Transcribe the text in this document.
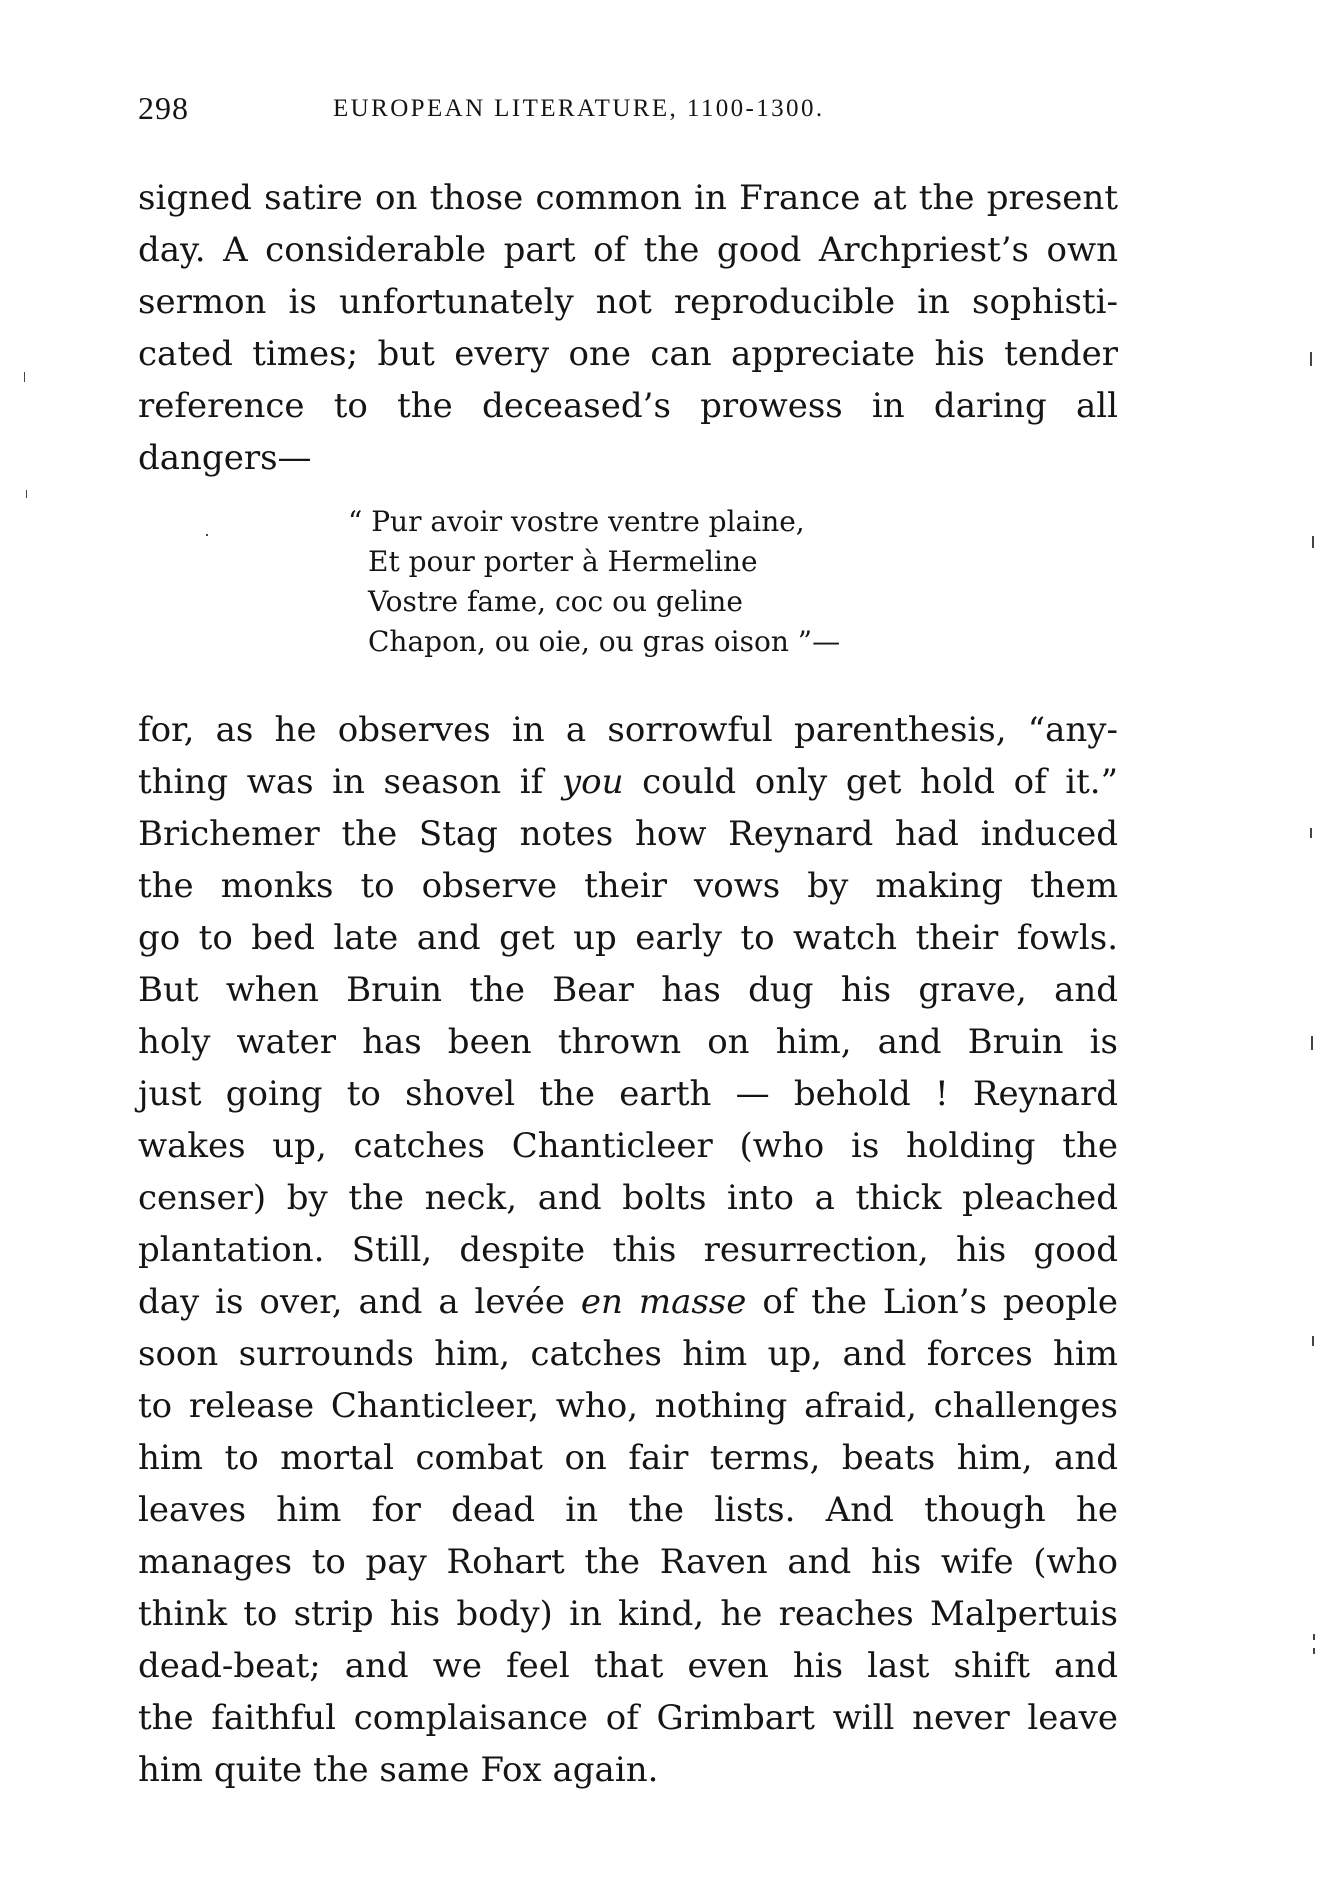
298	EUROPEAN LITERATURE, 1100-1300.
signed satire on those common in France at the present
day. A considerable part of the good Archpriest’s own
sermon is unfortunately not reproducible in sophisti-
cated times; but every one can appreciate his tender
reference to the deceased’s prowess in daring all
dangers—
“ Pur avoir vostre ventre plaine,
Et pour porter à Hermeline
Vostre fame, coc ou geline
Chapon, ou oie, ou gras oison ”—
for, as he observes in a sorrowful parenthesis, “any-
thing was in season if you could only get hold of it.”
Brichemer the Stag notes how Reynard had induced
the monks to observe their vows by making them
go to bed late and get up early to watch their fowls.
But when Bruin the Bear has dug his grave, and
holy water has been thrown on him, and Bruin is
just going to shovel the earth — behold ! Reynard
wakes up, catches Chanticleer (who is holding the
censer) by the neck, and bolts into a thick pleached
plantation. Still, despite this resurrection, his good
day is over, and a levée en masse of the Lion’s people
soon surrounds him, catches him up, and forces him
to release Chanticleer, who, nothing afraid, challenges
him to mortal combat on fair terms, beats him, and
leaves him for dead in the lists. And though he
manages to pay Rohart the Raven and his wife (who
think to strip his body) in kind, he reaches Malpertuis
dead-beat; and we feel that even his last shift and
the faithful complaisance of Grimbart will never leave
him quite the same Fox again.
